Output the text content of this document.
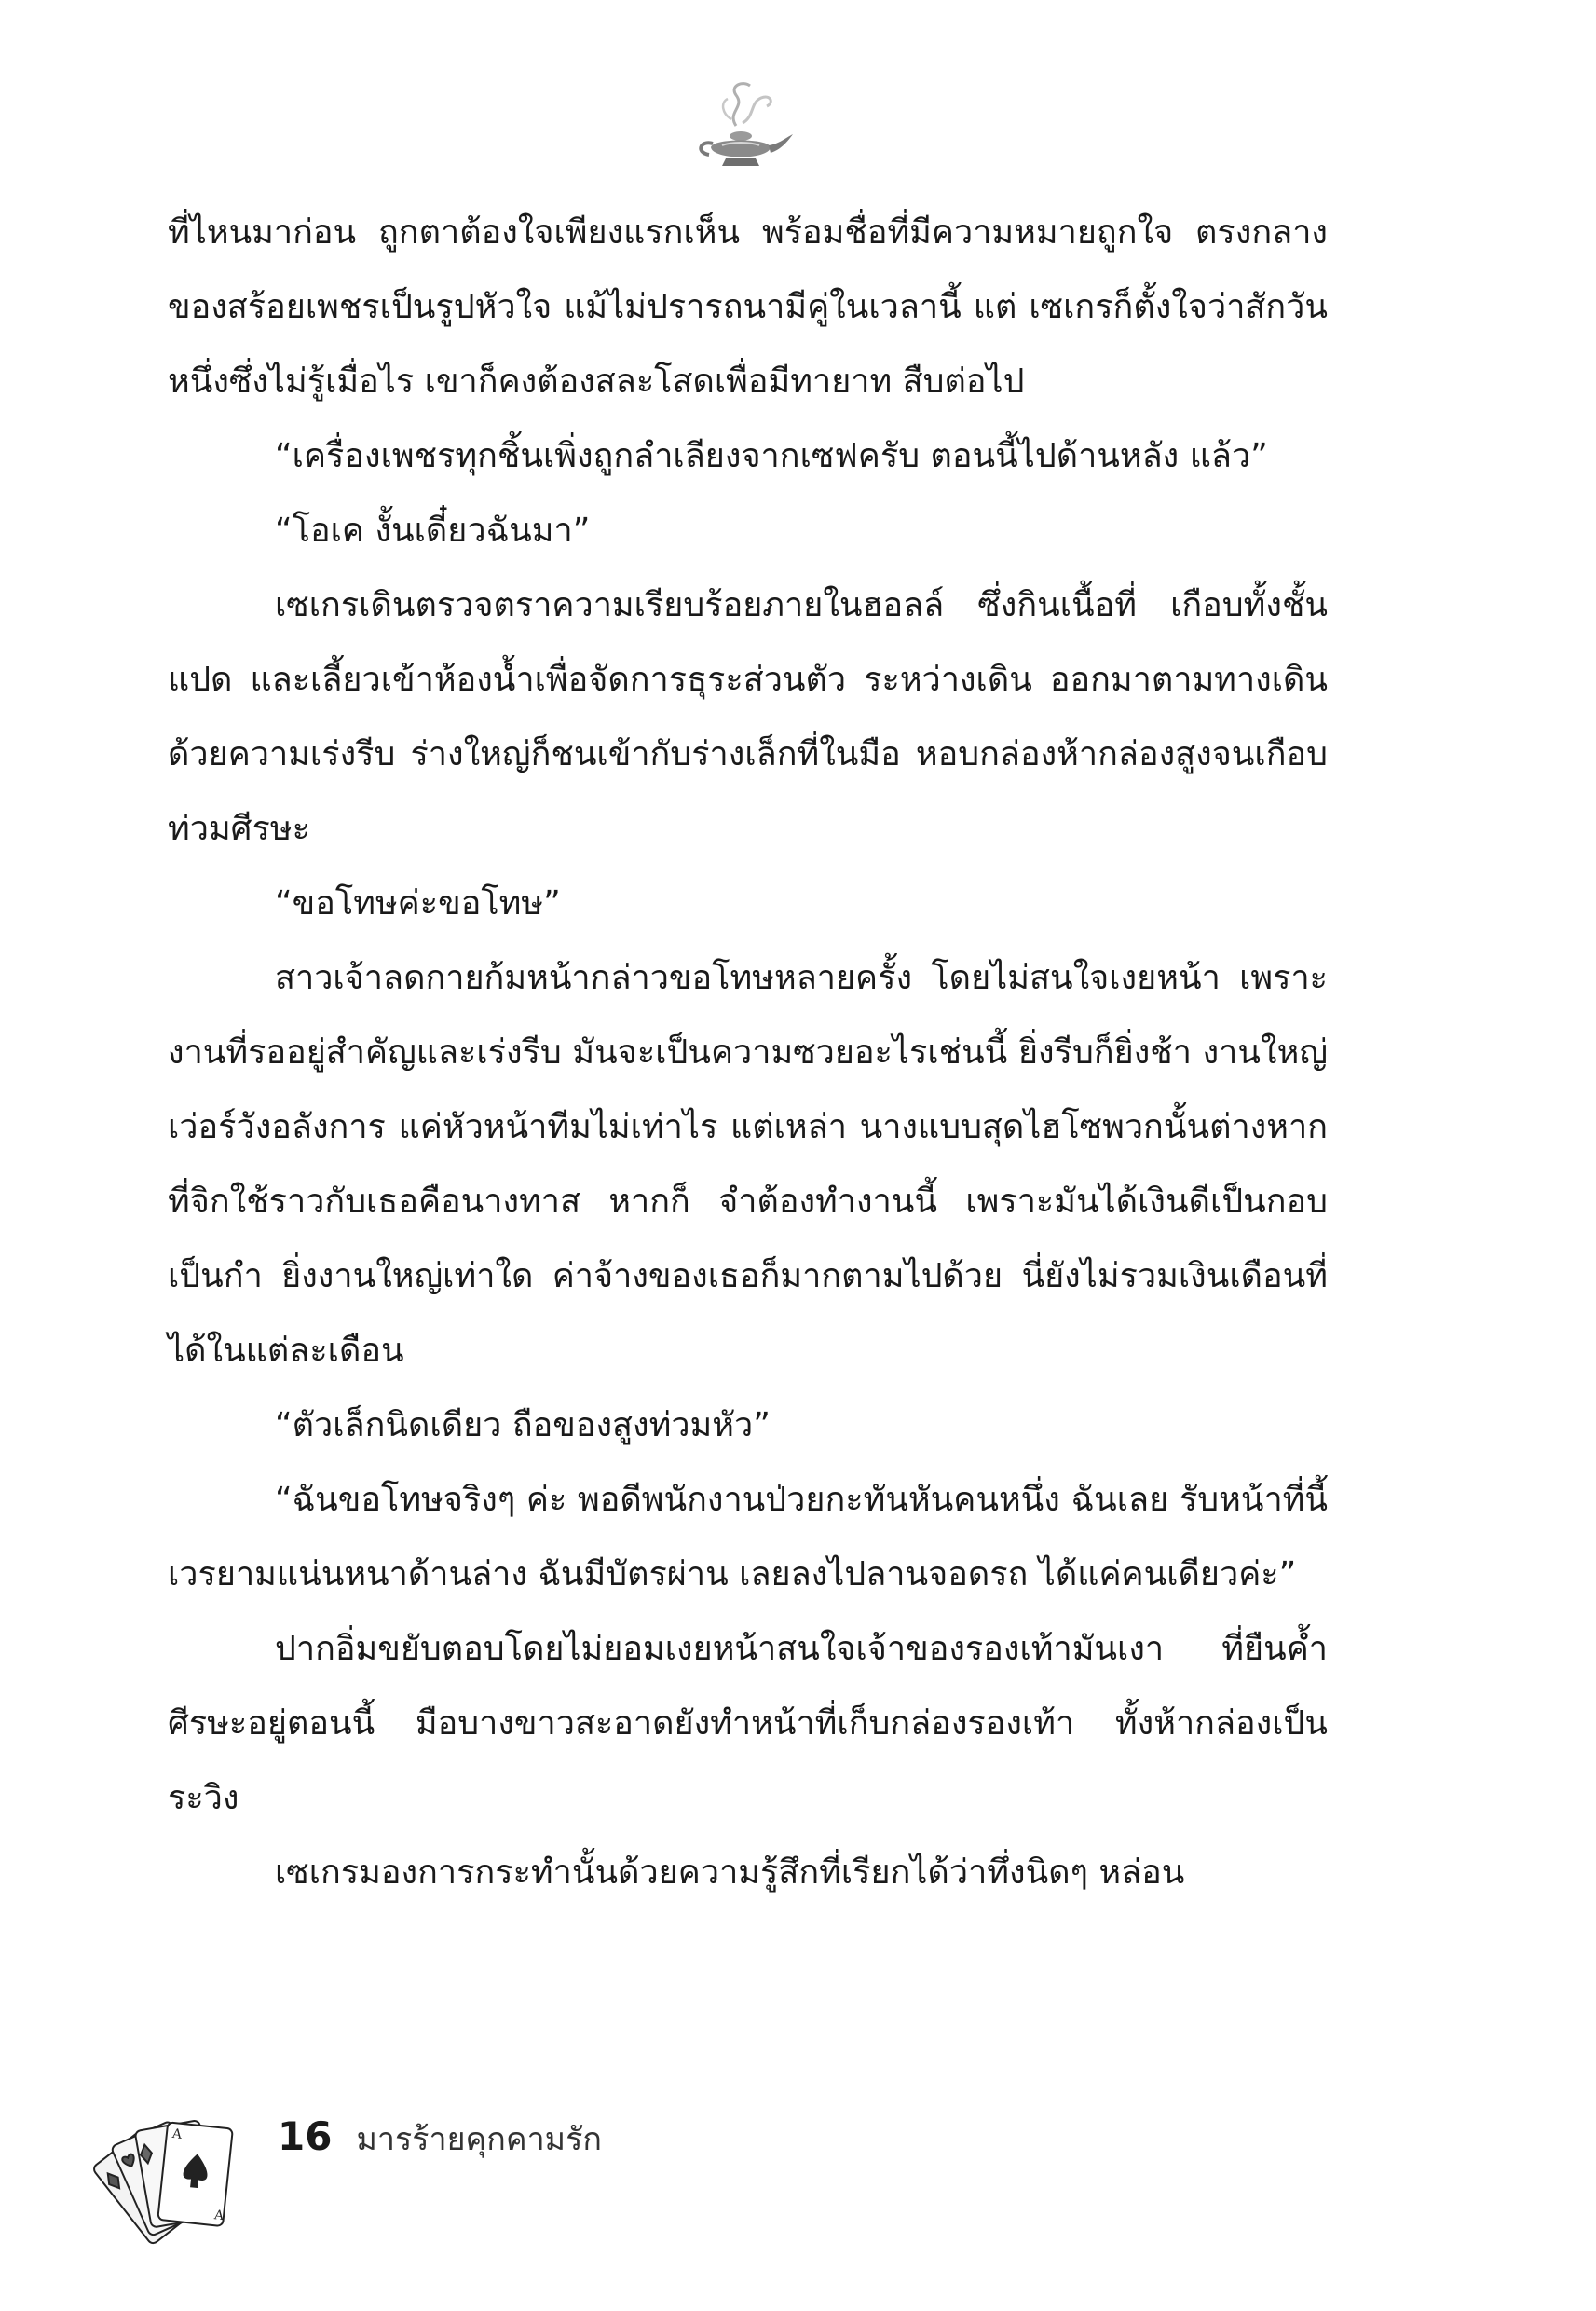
ที่ไหนมาก่อน ถูกตาต้องใจเพียงแรกเห็น พร้อมชื่อที่มีความหมายถูกใจ ตรงกลางของสร้อยเพชรเป็นรูปหัวใจ แม้ไม่ปรารถนามีคู่ในเวลานี้ แต่ เซเกรก็ตั้งใจว่าสักวันหนึ่งซึ่งไม่รู้เมื่อไร เขาก็คงต้องสละโสดเพื่อมีทายาท สืบต่อไป

“เครื่องเพชรทุกชิ้นเพิ่งถูกลำเลียงจากเซฟครับ ตอนนี้ไปด้านหลัง แล้ว”

“โอเค งั้นเดี๋ยวฉันมา”

เซเกรเดินตรวจตราความเรียบร้อยภายในฮอลล์ ซึ่งกินเนื้อที่ เกือบทั้งชั้นแปด และเลี้ยวเข้าห้องน้ำเพื่อจัดการธุระส่วนตัว ระหว่างเดิน ออกมาตามทางเดินด้วยความเร่งรีบ ร่างใหญ่ก็ชนเข้ากับร่างเล็กที่ในมือ หอบกล่องห้ากล่องสูงจนเกือบท่วมศีรษะ

“ขอโทษค่ะขอโทษ”

สาวเจ้าลดกายก้มหน้ากล่าวขอโทษหลายครั้ง โดยไม่สนใจเงยหน้า เพราะงานที่รออยู่สำคัญและเร่งรีบ มันจะเป็นความซวยอะไรเช่นนี้ ยิ่งรีบก็ยิ่งช้า งานใหญ่เว่อร์วังอลังการ แค่หัวหน้าทีมไม่เท่าไร แต่เหล่า นางแบบสุดไฮโซพวกนั้นต่างหากที่จิกใช้ราวกับเธอคือนางทาส หากก็ จำต้องทำงานนี้ เพราะมันได้เงินดีเป็นกอบเป็นกำ ยิ่งงานใหญ่เท่าใด ค่าจ้างของเธอก็มากตามไปด้วย นี่ยังไม่รวมเงินเดือนที่ได้ในแต่ละเดือน

“ตัวเล็กนิดเดียว ถือของสูงท่วมหัว”

“ฉันขอโทษจริงๆ ค่ะ พอดีพนักงานป่วยกะทันหันคนหนึ่ง ฉันเลย รับหน้าที่นี้ เวรยามแน่นหนาด้านล่าง ฉันมีบัตรผ่าน เลยลงไปลานจอดรถ ได้แค่คนเดียวค่ะ”

ปากอิ่มขยับตอบโดยไม่ยอมเงยหน้าสนใจเจ้าของรองเท้ามันเงา ที่ยืนค้ำศีรษะอยู่ตอนนี้ มือบางขาวสะอาดยังทำหน้าที่เก็บกล่องรองเท้า ทั้งห้ากล่องเป็นระวิง

เซเกรมองการกระทำนั้นด้วยความรู้สึกที่เรียกได้ว่าทึ่งนิดๆ หล่อน

A
A
16 มารร้ายคุกคามรัก
